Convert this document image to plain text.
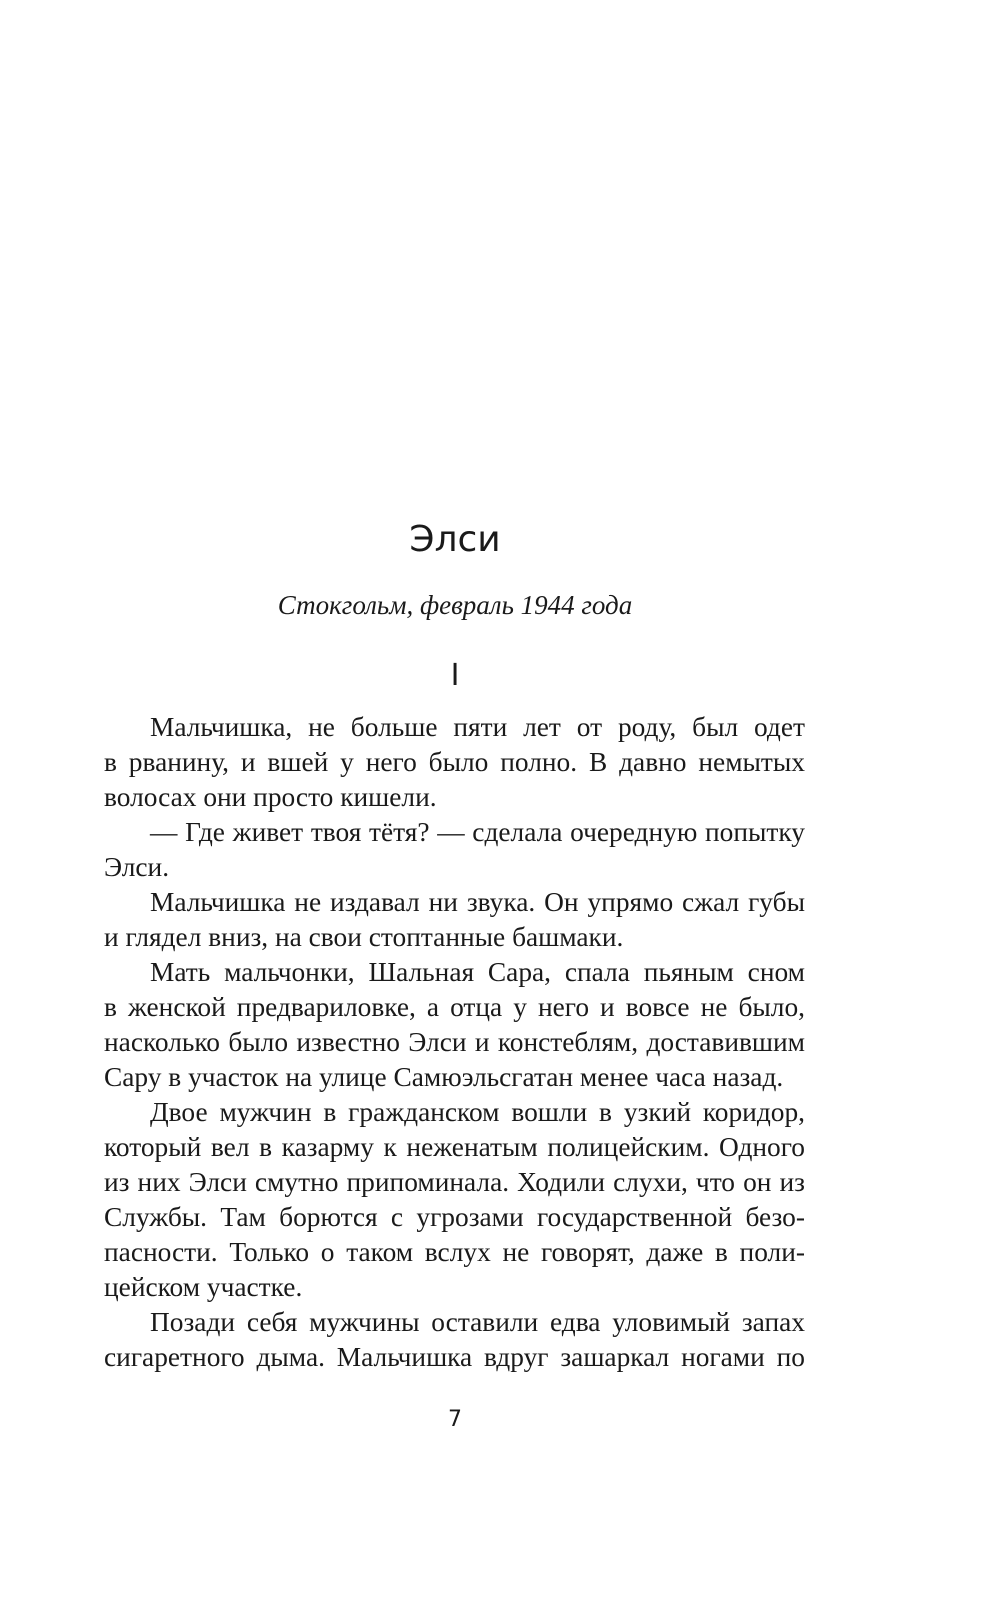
Элси

Стокгольм, февраль 1944 года

I

Мальчишка, не больше пяти лет от роду, был одет
в рванину, и вшей у него было полно. В давно немытых
волосах они просто кишели.
— Где живет твоя тётя? — сделала очередную попытку
Элси.
Мальчишка не издавал ни звука. Он упрямо сжал губы
и глядел вниз, на свои стоптанные башмаки.
Мать мальчонки, Шальная Сара, спала пьяным сном
в женской предвариловке, а отца у него и вовсе не было,
насколько было известно Элси и констеблям, доставившим
Сару в участок на улице Самюэльсгатан менее часа назад.
Двое мужчин в гражданском вошли в узкий коридор,
который вел в казарму к неженатым полицейским. Одного
из них Элси смутно припоминала. Ходили слухи, что он из
Службы. Там борются с угрозами государственной безо-
пасности. Только о таком вслух не говорят, даже в поли-
цейском участке.
Позади себя мужчины оставили едва уловимый запах
сигаретного дыма. Мальчишка вдруг зашаркал ногами по

7
